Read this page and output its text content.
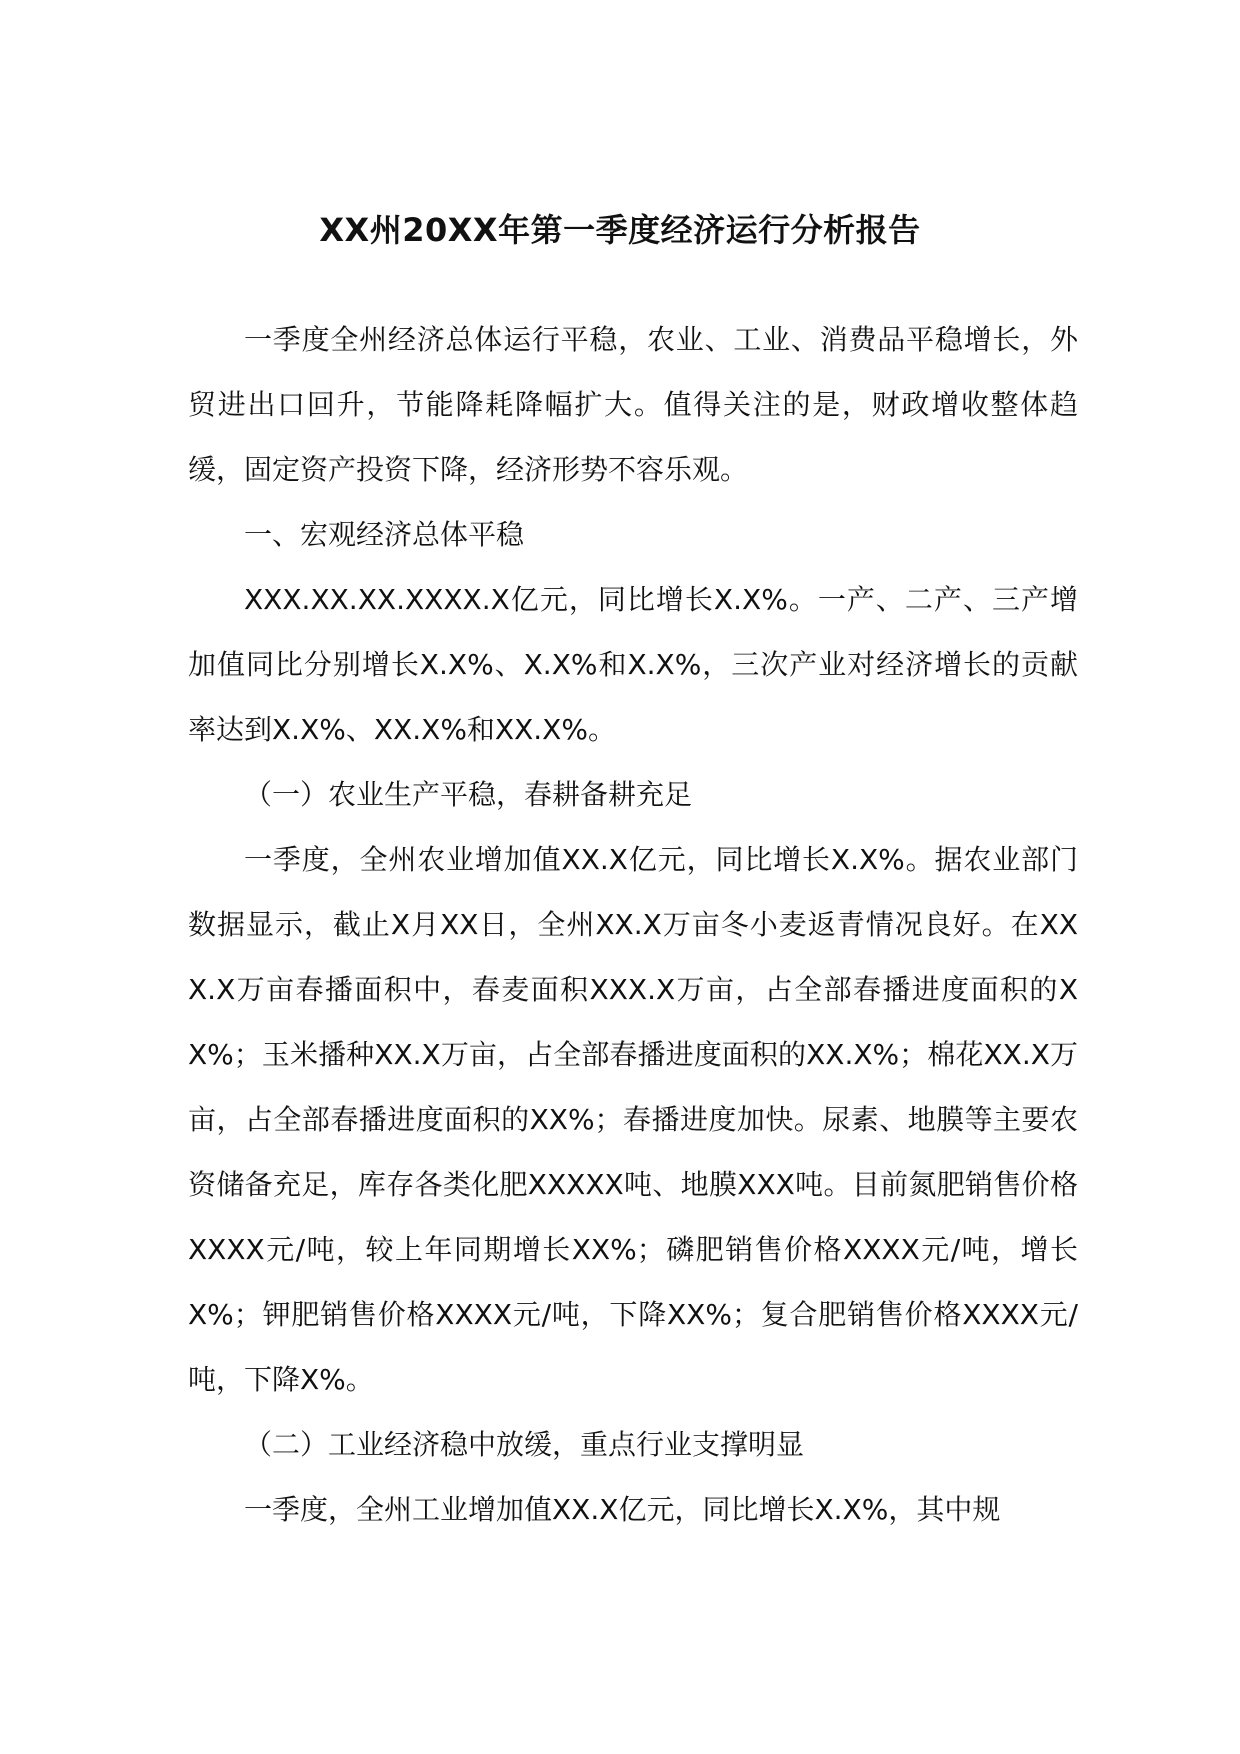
XX州20XX年第一季度经济运行分析报告

一季度全州经济总体运行平稳，农业、工业、消费品平稳增长，外贸进出口回升，节能降耗降幅扩大。值得关注的是，财政增收整体趋缓，固定资产投资下降，经济形势不容乐观。

一、宏观经济总体平稳

XXX.XX.XX.XXXX.X亿元，同比增长X.X%。一产、二产、三产增加值同比分别增长X.X%、X.X%和X.X%，三次产业对经济增长的贡献率达到X.X%、XX.X%和XX.X%。

（一）农业生产平稳，春耕备耕充足

一季度，全州农业增加值XX.X亿元，同比增长X.X%。据农业部门数据显示，截止X月XX日，全州XX.X万亩冬小麦返青情况良好。在XXX.X万亩春播面积中，春麦面积XXX.X万亩，占全部春播进度面积的XX%；玉米播种XX.X万亩，占全部春播进度面积的XX.X%；棉花XX.X万亩，占全部春播进度面积的XX%；春播进度加快。尿素、地膜等主要农资储备充足，库存各类化肥XXXXX吨、地膜XXX吨。目前氮肥销售价格XXXX元/吨，较上年同期增长XX%；磷肥销售价格XXXX元/吨，增长X%；钾肥销售价格XXXX元/吨，下降XX%；复合肥销售价格XXXX元/吨，下降X%。

（二）工业经济稳中放缓，重点行业支撑明显

一季度，全州工业增加值XX.X亿元，同比增长X.X%，其中规
